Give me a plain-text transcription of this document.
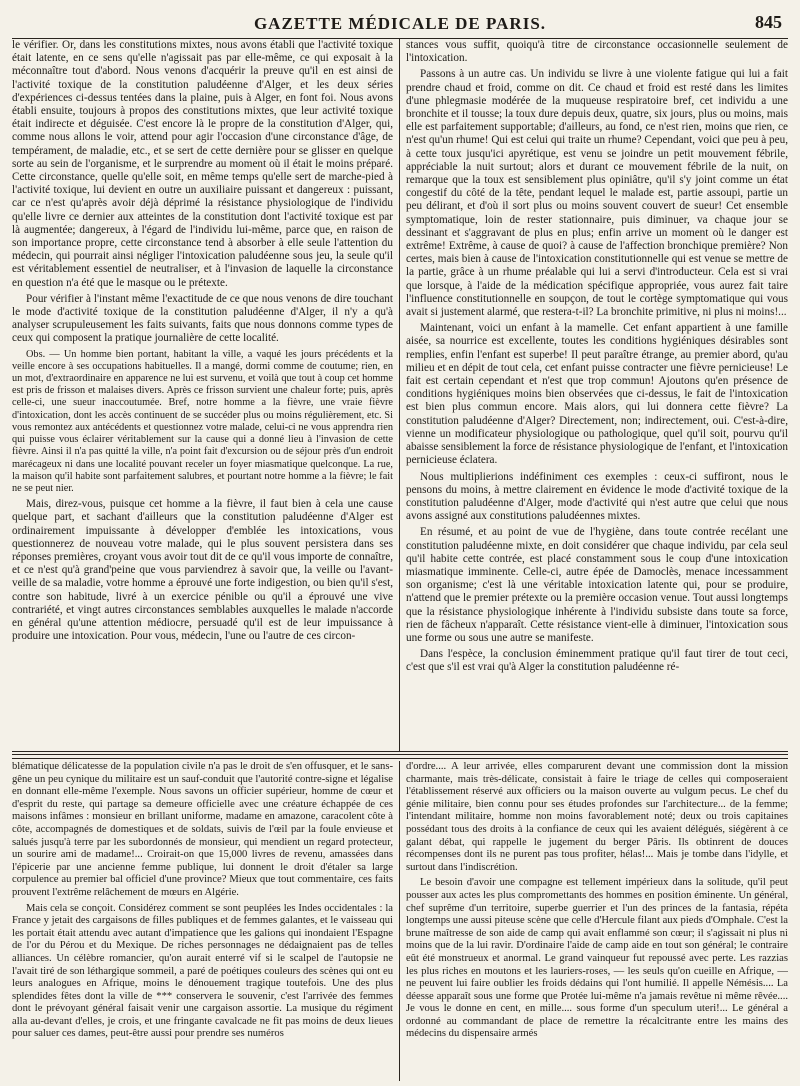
GAZETTE MÉDICALE DE PARIS.	845

le vérifier. Or, dans les constitutions mixtes, nous avons établi que l'activité toxique était latente, en ce sens qu'elle n'agissait pas par elle-même, ce qui exposait à la méconnaître tout d'abord. Nous venons d'acquérir la preuve qu'il en est ainsi de l'activité toxique de la constitution paludéenne d'Alger, et les deux séries d'expériences ci-dessus tentées dans la plaine, puis à Alger, en font foi. Nous avons établi ensuite, toujours à propos des constitutions mixtes, que leur activité toxique était indirecte et déguisée. C'est encore là le propre de la constitution d'Alger, qui, comme nous allons le voir, attend pour agir l'occasion d'une circonstance d'âge, de tempérament, de maladie, etc., et se sert de cette dernière pour se glisser en quelque sorte au sein de l'organisme, et le surprendre au moment où il était le moins préparé. Cette circonstance, quelle qu'elle soit, en même temps qu'elle sert de marche-pied à l'activité toxique, lui devient en outre un auxiliaire puissant et dangereux : puissant, car ce n'est qu'après avoir déjà déprimé la résistance physiologique de l'individu qu'elle livre ce dernier aux atteintes de la constitution dont l'activité toxique est par là augmentée; dangereux, à l'égard de l'individu lui-même, parce que, en raison de son importance propre, cette circonstance tend à absorber à elle seule l'attention du médecin, qui pourrait ainsi négliger l'intoxication paludéenne sous jeu, la seule qu'il est véritablement essentiel de neutraliser, et à l'invasion de laquelle la circonstance en question n'a été que le masque ou le prétexte.

Pour vérifier à l'instant même l'exactitude de ce que nous venons de dire touchant le mode d'activité toxique de la constitution paludéenne d'Alger, il n'y a qu'à analyser scrupuleusement les faits suivants, faits que nous donnons comme types de ceux qui composent la pratique journalière de cette localité.

Obs. — Un homme bien portant, habitant la ville, a vaqué les jours précédents et la veille encore à ses occupations habituelles. Il a mangé, dormi comme de coutume; rien, en un mot, d'extraordinaire en apparence ne lui est survenu, et voilà que tout à coup cet homme est pris de frisson et malaises divers. Après ce frisson survient une chaleur forte; puis, après celle-ci, une sueur inaccoutumée. Bref, notre homme a la fièvre, une vraie fièvre d'intoxication, dont les accès continuent de se succéder plus ou moins régulièrement, etc. Si vous remontez aux antécédents et questionnez votre malade, celui-ci ne vous apprendra rien qui puisse vous éclairer véritablement sur la cause qui a donné lieu à l'invasion de cette fièvre. Ainsi il n'a pas quitté la ville, n'a point fait d'excursion ou de séjour près d'un endroit marécageux ni dans une localité pouvant receler un foyer miasmatique quelconque. La rue, la maison qu'il habite sont parfaitement salubres, et pourtant notre homme a la fièvre; le fait ne se peut nier.

Mais, direz-vous, puisque cet homme a la fièvre, il faut bien à cela une cause quelque part, et sachant d'ailleurs que la constitution paludéenne d'Alger est ordinairement impuissante à développer d'emblée les intoxications, vous questionnerez de nouveau votre malade, qui le plus souvent persistera dans ses réponses premières, croyant vous avoir tout dit de ce qu'il vous importe de connaître, et ce n'est qu'à grand'peine que vous parviendrez à savoir que, la veille ou l'avant-veille de sa maladie, votre homme a éprouvé une forte indigestion, ou bien qu'il s'est, contre son habitude, livré à un exercice pénible ou qu'il a éprouvé une vive contrariété, et vingt autres circonstances semblables auxquelles le malade n'accorde en général qu'une attention médiocre, persuadé qu'il est de leur impuissance à produire une intoxication. Pour vous, médecin, l'une ou l'autre de ces circon-

stances vous suffit, quoiqu'à titre de circonstance occasionnelle seulement de l'intoxication.

Passons à un autre cas. Un individu se livre à une violente fatigue qui lui a fait prendre chaud et froid, comme on dit. Ce chaud et froid est resté dans les limites d'une phlegmasie modérée de la muqueuse respiratoire bref, cet individu a une bronchite et il tousse; la toux dure depuis deux, quatre, six jours, plus ou moins, mais elle est parfaitement supportable; d'ailleurs, au fond, ce n'est rien, moins que rien, ce n'est qu'un rhume! Qui est celui qui traite un rhume? Cependant, voici que peu à peu, à cette toux jusqu'ici apyrétique, est venu se joindre un petit mouvement fébrile, appréciable la nuit surtout; alors et durant ce mouvement fébrile de la nuit, on remarque que la toux est sensiblement plus opiniâtre, qu'il s'y joint comme un état congestif du côté de la tête, pendant lequel le malade est, partie assoupi, partie un peu délirant, et d'où il sort plus ou moins souvent couvert de sueur! Cet ensemble symptomatique, loin de rester stationnaire, puis diminuer, va chaque jour se dessinant et s'aggravant de plus en plus; enfin arrive un moment où le danger est extrême! Extrême, à cause de quoi? à cause de l'affection bronchique première? Non certes, mais bien à cause de l'intoxication constitutionnelle qui est venue se mettre de la partie, grâce à un rhume préalable qui lui a servi d'introducteur. Cela est si vrai que lorsque, à l'aide de la médication spécifique appropriée, vous aurez fait taire l'influence constitutionnelle en soupçon, de tout le cortège symptomatique qui vous avait si justement alarmé, que restera-t-il? La bronchite primitive, ni plus ni moins!...

Maintenant, voici un enfant à la mamelle. Cet enfant appartient à une famille aisée, sa nourrice est excellente, toutes les conditions hygiéniques désirables sont remplies, enfin l'enfant est superbe! Il peut paraître étrange, au premier abord, qu'au milieu et en dépit de tout cela, cet enfant puisse contracter une fièvre pernicieuse! Le fait est certain cependant et n'est que trop commun! Ajoutons qu'en présence de conditions hygiéniques moins bien observées que ci-dessus, le fait de l'intoxication est bien plus commun encore. Mais alors, qui lui donnera cette fièvre? La constitution paludéenne d'Alger? Directement, non; indirectement, oui. C'est-à-dire, vienne un modificateur physiologique ou pathologique, quel qu'il soit, pourvu qu'il abaisse sensiblement la force de résistance physiologique de l'enfant, et l'intoxication pernicieuse éclatera.

Nous multiplierions indéfiniment ces exemples : ceux-ci suffiront, nous le pensons du moins, à mettre clairement en évidence le mode d'activité toxique de la constitution paludéenne d'Alger, mode d'activité qui n'est autre que celui que nous avons assigné aux constitutions paludéennes mixtes.

En résumé, et au point de vue de l'hygiène, dans toute contrée recélant une constitution paludéenne mixte, en doit considérer que chaque individu, par cela seul qu'il habite cette contrée, est placé constamment sous le coup d'une intoxication miasmatique imminente. Celle-ci, autre épée de Damoclès, menace incessamment son organisme; c'est là une véritable intoxication latente qui, pour se produire, n'attend que le premier prétexte ou la première occasion venue. Tout aussi longtemps que la résistance physiologique inhérente à l'individu subsiste dans toute sa force, rien de fâcheux n'apparaît. Cette résistance vient-elle à diminuer, l'intoxication sous une forme ou sous une autre se manifeste.

Dans l'espèce, la conclusion éminemment pratique qu'il faut tirer de tout ceci, c'est que s'il est vrai qu'à Alger la constitution paludéenne ré-

blématique délicatesse de la population civile n'a pas le droit de s'en offusquer, et le sans-gêne un peu cynique du militaire est un sauf-conduit que l'autorité contre-signe et légalise en donnant elle-même l'exemple. Nous savons un officier supérieur, homme de cœur et d'esprit du reste, qui partage sa demeure officielle avec une créature échappée de ces maisons infâmes : monsieur en brillant uniforme, madame en amazone, caracolent côte à côte, accompagnés de domestiques et de soldats, suivis de l'œil par la foule envieuse et salués jusqu'à terre par les subordonnés de monsieur, qui mendient un regard protecteur, un sourire ami de madame!... Croirait-on que 15,000 livres de revenu, amassées dans l'épicerie par une ancienne femme publique, lui donnent le droit d'étaler sa large corpulence au premier bal officiel d'une province? Mieux que tout commentaire, ces faits prouvent l'extrême relâchement de mœurs en Algérie.

Mais cela se conçoit. Considérez comment se sont peuplées les Indes occidentales : la France y jetait des cargaisons de filles publiques et de femmes galantes, et le vaisseau qui les portait était attendu avec autant d'impatience que les galions qui inondaient l'Espagne de l'or du Pérou et du Mexique. De riches personnages ne dédaignaient pas de telles alliances. Un célèbre romancier, qu'on aurait enterré vif si le scalpel de l'autopsie ne l'avait tiré de son léthargique sommeil, a paré de poétiques couleurs des scènes qui ont eu leurs analogues en Afrique, moins le dénouement tragique toutefois. Une des plus splendides fêtes dont la ville de *** conservera le souvenir, c'est l'arrivée des femmes dont le prévoyant général faisait venir une cargaison assortie. La musique du régiment alla au-devant d'elles, je crois, et une fringante cavalcade ne fit pas moins de deux lieues pour saluer ces dames, peut-être aussi pour prendre ses numéros

d'ordre.... A leur arrivée, elles comparurent devant une commission dont la mission charmante, mais très-délicate, consistait à faire le triage de celles qui composeraient l'établissement réservé aux officiers ou la maison ouverte au vulgum pecus. Le chef du génie militaire, bien connu pour ses études profondes sur l'architecture... de la femme; l'intendant militaire, homme non moins favorablement noté; deux ou trois capitaines possédant tous des droits à la confiance de ceux qui les avaient délégués, siégèrent à ce galant débat, qui rappelle le jugement du berger Pâris. Ils obtinrent de douces récompenses dont ils ne purent pas tous profiter, hélas!... Mais je tombe dans l'idylle, et surtout dans l'indiscrétion.

Le besoin d'avoir une compagne est tellement impérieux dans la solitude, qu'il peut pousser aux actes les plus compromettants des hommes en position éminente. Un général, chef suprême d'un territoire, superbe guerrier et l'un des princes de la fantasia, répéta longtemps une aussi piteuse scène que celle d'Hercule filant aux pieds d'Omphale. C'est la brune maîtresse de son aide de camp qui avait enflammé son cœur; il s'agissait ni plus ni moins que de la lui ravir. D'ordinaire l'aide de camp aide en tout son général; le contraire eût été monstrueux et anormal. Le grand vainqueur fut repoussé avec perte. Les razzias les plus riches en moutons et les lauriers-roses, — les seuls qu'on cueille en Afrique, — ne peuvent lui faire oublier les froids dédains qui l'ont humilié. Il appelle Némésis.... La déesse apparaît sous une forme que Protée lui-même n'a jamais revêtue ni même rêvée.... Je vous le donne en cent, en mille.... sous forme d'un speculum uteri!... Le général a ordonné au commandant de place de remettre la récalcitrante entre les mains des médecins du dispensaire armés
